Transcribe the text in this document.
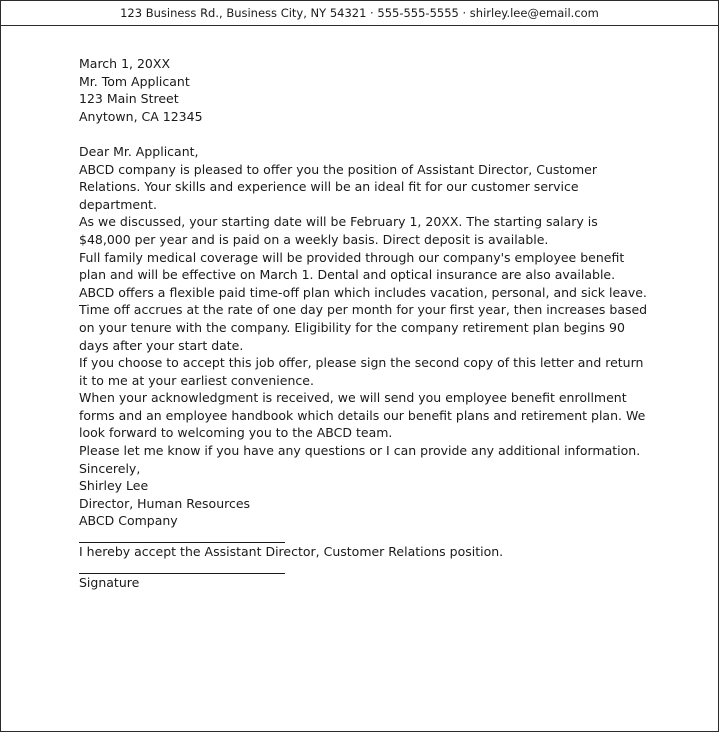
123 Business Rd., Business City, NY 54321 · 555-555-5555 · shirley.lee@email.com

March 1, 20XX

Mr. Tom Applicant

123 Main Street

Anytown, CA 12345

Dear Mr. Applicant,

ABCD company is pleased to offer you the position of Assistant Director, Customer Relations. Your skills and experience will be an ideal fit for our customer service department.

As we discussed, your starting date will be February 1, 20XX. The starting salary is $48,000 per year and is paid on a weekly basis. Direct deposit is available.

Full family medical coverage will be provided through our company's employee benefit plan and will be effective on March 1. Dental and optical insurance are also available. ABCD offers a flexible paid time-off plan which includes vacation, personal, and sick leave. Time off accrues at the rate of one day per month for your first year, then increases based on your tenure with the company. Eligibility for the company retirement plan begins 90 days after your start date.

If you choose to accept this job offer, please sign the second copy of this letter and return it to me at your earliest convenience.

When your acknowledgment is received, we will send you employee benefit enrollment forms and an employee handbook which details our benefit plans and retirement plan. We look forward to welcoming you to the ABCD team.

Please let me know if you have any questions or I can provide any additional information.

Sincerely,

Shirley Lee

Director, Human Resources

ABCD Company

I hereby accept the Assistant Director, Customer Relations position.

Signature
